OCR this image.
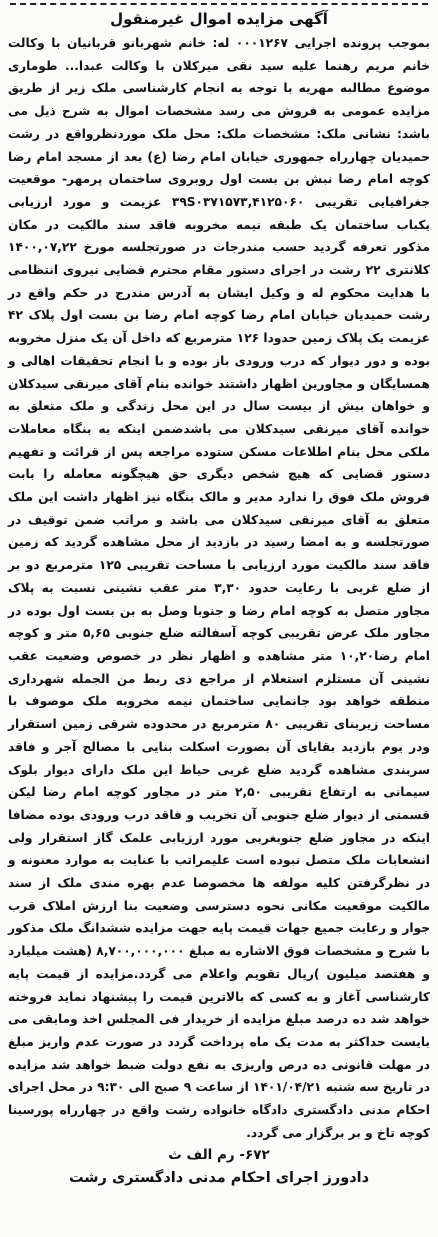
آگهی مزایده اموال غیرمنقول

بموجب پرونده اجرایی ۰۰۰۱۲۶۷ له: خانم شهربانو قربانیان با وکالت خانم مریم رهنما علیه سید نقی میرکلان با وکالت عبدا... طوماری موضوع مطالبه مهریه با توجه به انجام کارشناسی ملک زیر از طریق مزایده عمومی به فروش می رسد مشخصات اموال به شرح ذیل می باشد: نشانی ملک: مشخصات ملک: محل ملک موردنظرواقع در رشت حمیدیان چهارراه جمهوری خیابان امام رضا (ع) بعد از مسجد امام رضا کوچه امام رضا نبش بن بست اول روبروی ساختمان پرمهر- موقعیت جغرافیایی تقریبی ۳۹S۰۳۷۱۵۷۳,۴۱۲۵۰۶۰ عزیمت و مورد ارزیابی یکباب ساختمان یک طبقه نیمه مخروبه فاقد سند مالکیت در مکان مذکور تعرفه گردید حسب مندرجات در صورتجلسه مورخ ۱۴۰۰,۰۷,۲۲ کلانتری ۲۲ رشت در اجرای دستور مقام محترم قضایی نیروی انتظامی با هدایت محکوم له و وکیل ایشان به آدرس مندرج در حکم واقع در رشت حمیدیان خیابان امام رضا کوچه امام رضا بن بست اول پلاک ۴۲ عزیمت یک پلاک زمین حدودا ۱۲۶ مترمربع که داخل آن یک منزل مخروبه بوده و دور دیوار که درب ورودی باز بوده و با انجام تحقیقات اهالی و همسایگان و مجاورین اظهار داشتند خوانده بنام آقای میرنقی سیدکلان و خواهان بیش از بیست سال در این محل زندگی و ملک متعلق به خوانده آقای میرنقی سیدکلان می باشدضمن اینکه به بنگاه معاملات ملکی محل بنام اطلاعات مسکن ستوده مراجعه پس از قرائت و تفهیم دستور قضایی که هیچ شخص دیگری حق هیچگونه معامله را بابت فروش ملک فوق را ندارد مدیر و مالک بنگاه نیز اظهار داشت این ملک متعلق به آقای میرنقی سیدکلان می باشد و مراتب ضمن توقیف در صورتجلسه و به امضا رسید در بازدید از محل مشاهده گردید که زمین فاقد سند مالکیت مورد ارزیابی با مساحت تقریبی ۱۲۵ مترمربع دو بر از ضلع غربی با رعایت حدود ۳,۳۰ متر عقب نشینی نسبت به پلاک مجاور متصل به کوچه امام رضا و جنوبا وصل به بن بست اول بوده در مجاور ملک عرض تقریبی کوچه آسفالته ضلع جنوبی ۵,۶۵ متر و کوچه امام رضا۱۰,۲۰ متر مشاهده و اظهار نظر در خصوص وضعیت عقب نشینی آن مستلزم استعلام از مراجع ذی ربط من الجمله شهرداری منطقه خواهد بود جانمایی ساختمان نیمه مخروبه ملک موصوف با مساحت زیربنای تقریبی ۸۰ مترمربع در محدوده شرقی زمین استقرار ودر یوم بازدید بقایای آن بصورت اسکلت بنایی با مصالح آجر و فاقد سربندی مشاهده گردید ضلع غربی حیاط این ملک دارای دیوار بلوک سیمانی به ارتفاع تقریبی ۲,۵۰ متر در مجاور کوچه امام رضا لیکن قسمتی از دیوار ضلع جنوبی آن تخریب و فاقد درب ورودی بوده مضافا اینکه در مجاور ضلع جنوبغربی مورد ارزیابی علمک گاز استقرار ولی انشعابات ملک متصل نبوده است علیمراتب با عنایت به موارد معنونه و در نظرگرفتن کلیه مولفه ها مخصوصا عدم بهره مندی ملک از سند مالکیت موقعیت مکانی نحوه دسترسی وضعیت بنا ارزش املاک قرب جوار و رعایت جمیع جهات قیمت پایه جهت مزایده ششدانگ ملک مذکور با شرح و مشخصات فوق الاشاره به مبلغ ۸,۷۰۰,۰۰۰,۰۰۰ (هشت میلیارد و هفتصد میلیون )ریال تقویم واعلام می گردد.مزایده از قیمت پایه کارشناسی آغاز و به کسی که بالاترین قیمت را پیشنهاد نماید فروخته خواهد شد ده درصد مبلغ مزایده از خریدار فی المجلس اخذ ومابقی می بایست حداکثر به مدت یک ماه پرداخت گردد در صورت عدم واریز مبلغ در مهلت قانونی ده درص واریزی به نفع دولت ضبط خواهد شد مزایده در تاریخ سه شنبه ۱۴۰۱/۰۴/۲۱ از ساعت ۹ صبح الی ۹:۳۰ در محل اجرای احکام مدنی دادگستری دادگاه خانواده رشت واقع در چهارراه پورسینا کوچه تاخ و بر برگزار می گردد.

۶۷۲- رم الف ث
دادورز اجرای احکام مدنی دادگستری رشت
